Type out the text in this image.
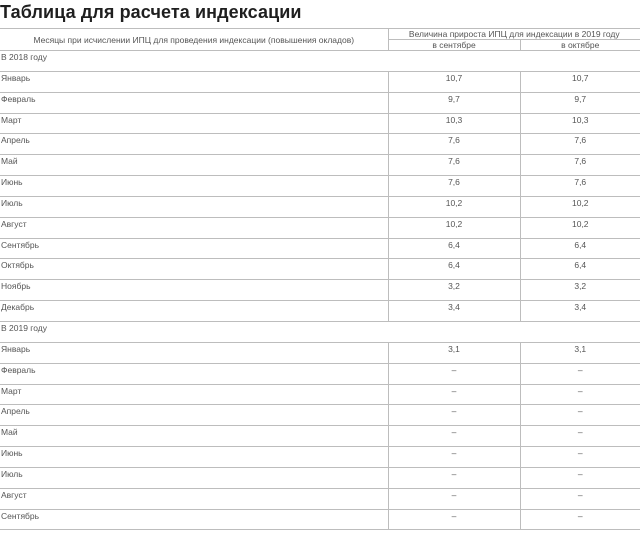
Таблица для расчета индексации
Месяцы при исчислении ИПЦ для проведения индексации (повышения окладов)	Величина прироста ИПЦ для индексации в 2019 году	
	в сентябре	в октябре
В 2018 году		
Январь	10,7	10,7
Февраль	9,7	9,7
Март	10,3	10,3
Апрель	7,6	7,6
Май	7,6	7,6
Июнь	7,6	7,6
Июль	10,2	10,2
Август	10,2	10,2
Сентябрь	6,4	6,4
Октябрь	6,4	6,4
Ноябрь	3,2	3,2
Декабрь	3,4	3,4
В 2019 году		
Январь	3,1	3,1
Февраль	–	–
Март	–	–
Апрель	–	–
Май	–	–
Июнь	–	–
Июль	–	–
Август	–	–
Сентябрь	–	–
